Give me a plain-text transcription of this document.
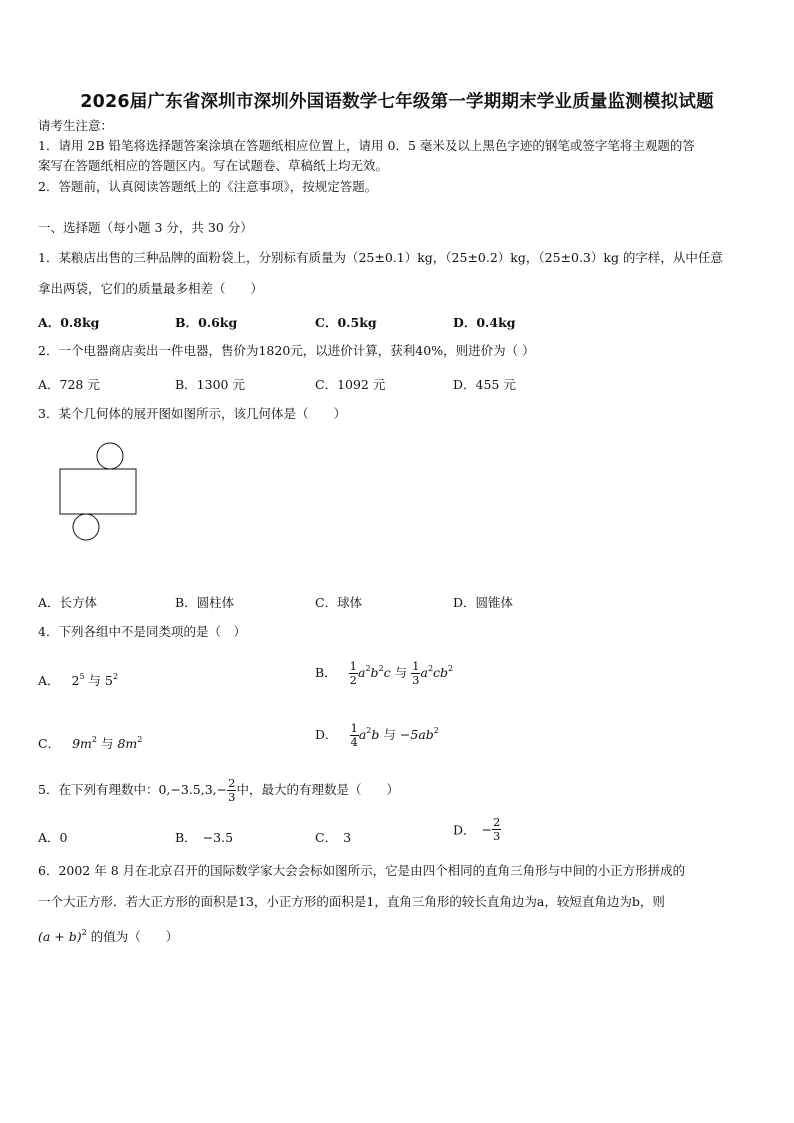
2026届广东省深圳市深圳外国语数学七年级第一学期期末学业质量监测模拟试题
请考生注意：
1．请用 2B 铅笔将选择题答案涂填在答题纸相应位置上，请用 0．5 毫米及以上黑色字迹的钢笔或签字笔将主观题的答
案写在答题纸相应的答题区内。写在试题卷、草稿纸上均无效。
2．答题前，认真阅读答题纸上的《注意事项》，按规定答题。
一、选择题（每小题 3 分，共 30 分）
1．某粮店出售的三种品牌的面粉袋上，分别标有质量为（25±0.1）kg，（25±0.2）kg，（25±0.3）kg 的字样，从中任意
拿出两袋，它们的质量最多相差（　　）
A．0.8kg	B．0.6kg	C．0.5kg	D．0.4kg
2．一个电器商店卖出一件电器，售价为1820元，以进价计算，获利40%，则进价为（ ）
A．728 元	B．1300 元	C．1092 元	D．455 元
3．某个几何体的展开图如图所示，该几何体是（　　）
A．长方体	B．圆柱体	C．球体	D．圆锥体
4．下列各组中不是同类项的是（　）
A． $2^5$ 与 $5^2$	B． $\frac{1}{2} a^2b^2c$ 与 $\frac{1}{3} a^2cb^2$
C． $9m^2$ 与 $8m^2$	D． $\frac{1}{4} a^2b$ 与 $-5ab^2$
5．在下列有理数中：$0,-3.5,3,- \frac{2}{3}$ 中，最大的有理数是（　　）
A．0	B． −3.5	C． 3	D． − $\frac{2}{3}$
6．2002 年 8 月在北京召开的国际数学家大会会标如图所示，它是由四个相同的直角三角形与中间的小正方形拼成的
一个大正方形．若大正方形的面积是13，小正方形的面积是1，直角三角形的较长直角边为a，较短直角边为b，则
$(a + b)^2$ 的值为（　　）
